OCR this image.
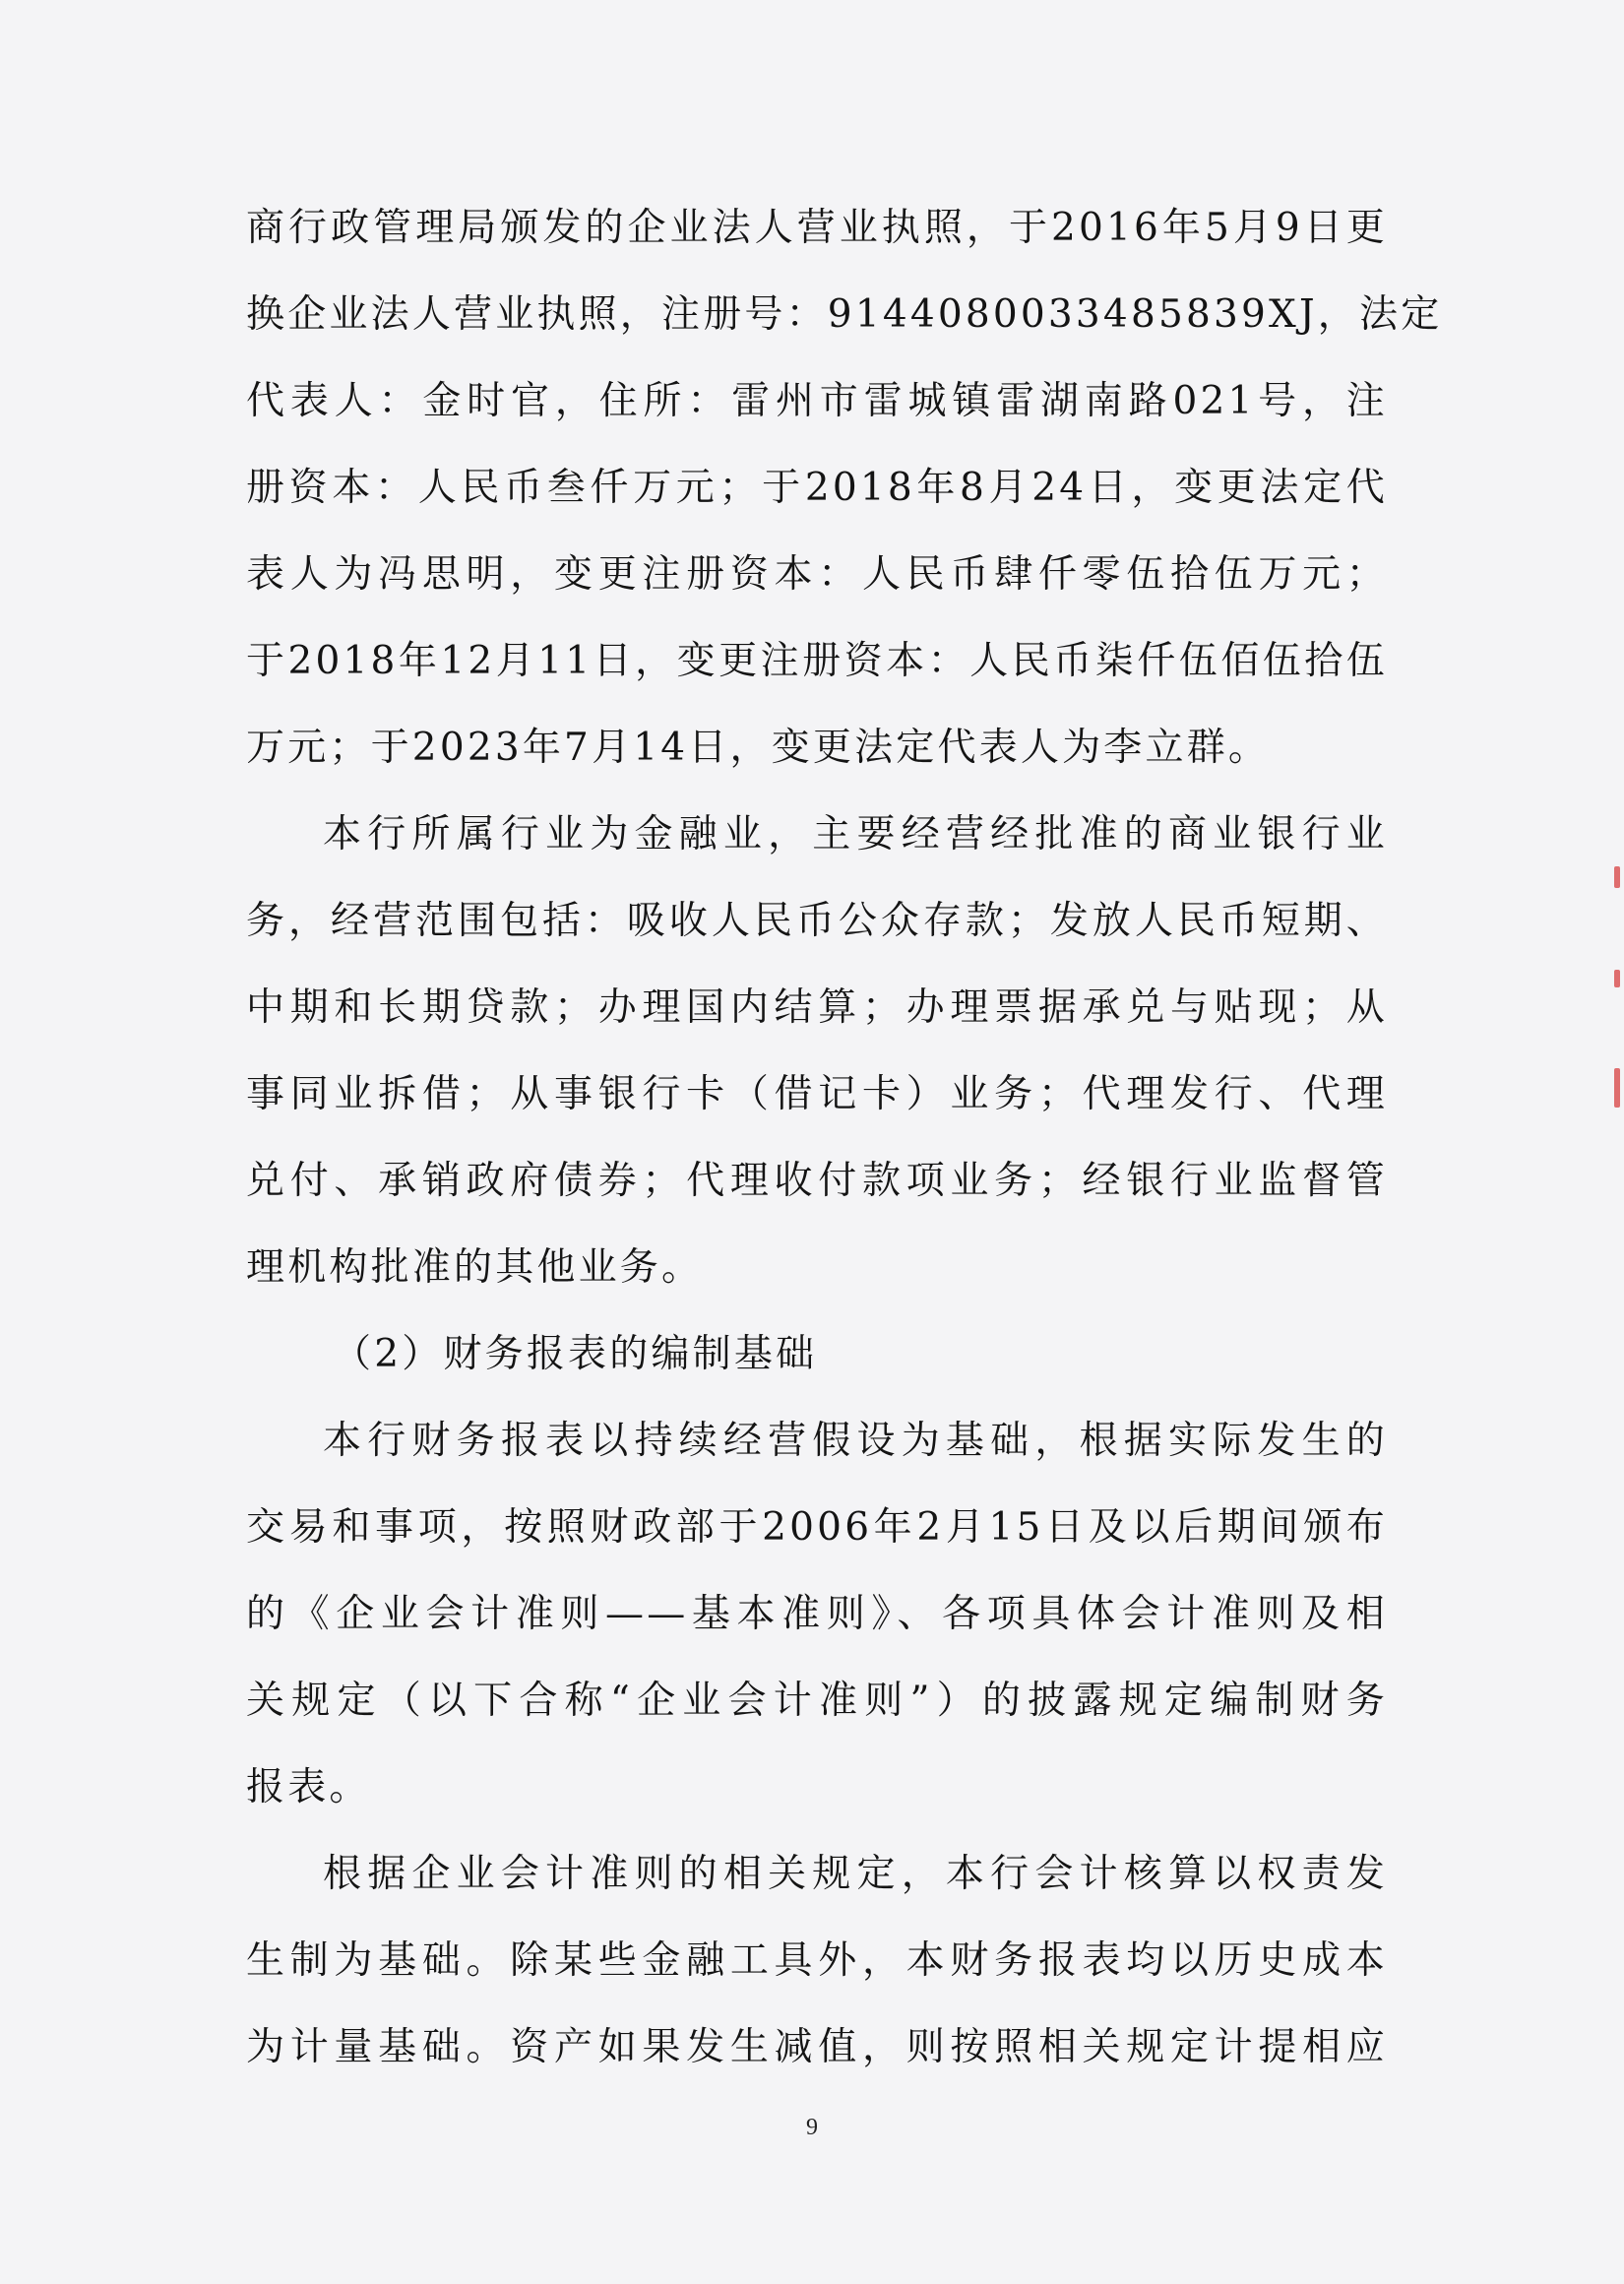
商行政管理局颁发的企业法人营业执照，于2016年5月9日更
换企业法人营业执照，注册号：9144080033485839XJ，法定
代表人：金时官，住所：雷州市雷城镇雷湖南路021号，注
册资本：人民币叁仟万元；于2018年8月24日，变更法定代
表人为冯思明，变更注册资本：人民币肆仟零伍拾伍万元；
于2018年12月11日，变更注册资本：人民币柒仟伍佰伍拾伍
万元；于2023年7月14日，变更法定代表人为李立群。
本行所属行业为金融业，主要经营经批准的商业银行业
务，经营范围包括：吸收人民币公众存款；发放人民币短期、
中期和长期贷款；办理国内结算；办理票据承兑与贴现；从
事同业拆借；从事银行卡（借记卡）业务；代理发行、代理
兑付、承销政府债券；代理收付款项业务；经银行业监督管
理机构批准的其他业务。
（2）财务报表的编制基础
本行财务报表以持续经营假设为基础，根据实际发生的
交易和事项，按照财政部于2006年2月15日及以后期间颁布
的《企业会计准则——基本准则》、各项具体会计准则及相
关规定（以下合称“企业会计准则”）的披露规定编制财务
报表。
根据企业会计准则的相关规定，本行会计核算以权责发
生制为基础。除某些金融工具外，本财务报表均以历史成本
为计量基础。资产如果发生减值，则按照相关规定计提相应
9
